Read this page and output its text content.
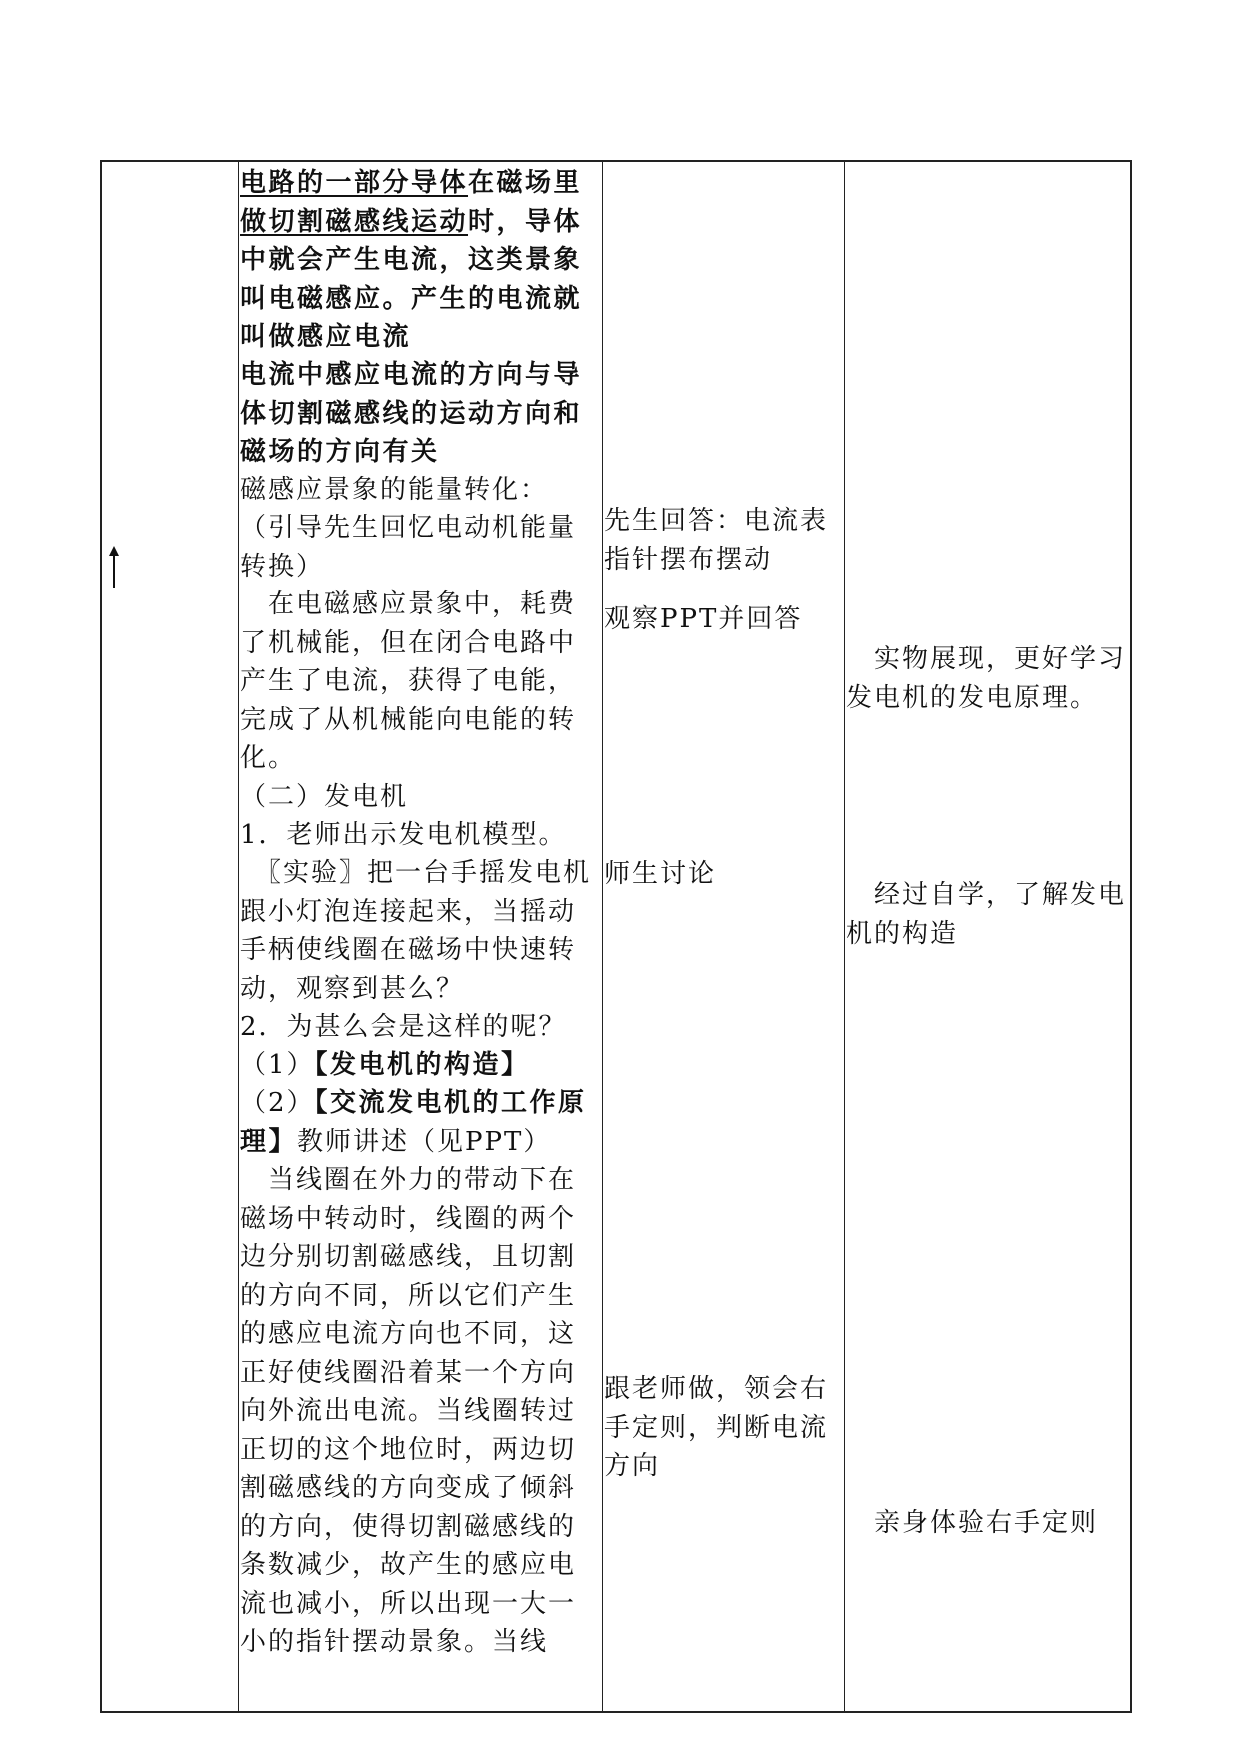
电路的一部分导体在磁场里做切割磁感线运动时，导体中就会产生电流，这类景象叫电磁感应。产生的电流就叫做感应电流

电流中感应电流的方向与导体切割磁感线的运动方向和磁场的方向有关

磁感应景象的能量转化：

（引导先生回忆电动机能量转换）

　在电磁感应景象中，耗费了机械能，但在闭合电路中产生了电流，获得了电能，完成了从机械能向电能的转化。

（二）发电机

1．老师出示发电机模型。

　〖实验〗把一台手摇发电机跟小灯泡连接起来，当摇动手柄使线圈在磁场中快速转动，观察到甚么？

2．为甚么会是这样的呢？

（1）【发电机的构造】

（2）【交流发电机的工作原理】教师讲述（见PPT）

　当线圈在外力的带动下在磁场中转动时，线圈的两个边分别切割磁感线，且切割的方向不同，所以它们产生的感应电流方向也不同，这正好使线圈沿着某一个方向向外流出电流。当线圈转过正切的这个地位时，两边切割磁感线的方向变成了倾斜的方向，使得切割磁感线的条数减少，故产生的感应电流也减小，所以出现一大一小的指针摆动景象。当线

先生回答：电流表指针摆布摆动

观察PPT并回答

师生讨论

跟老师做，领会右手定则，判断电流方向

　实物展现，更好学习发电机的发电原理。

　经过自学，了解发电机的构造

　亲身体验右手定则
